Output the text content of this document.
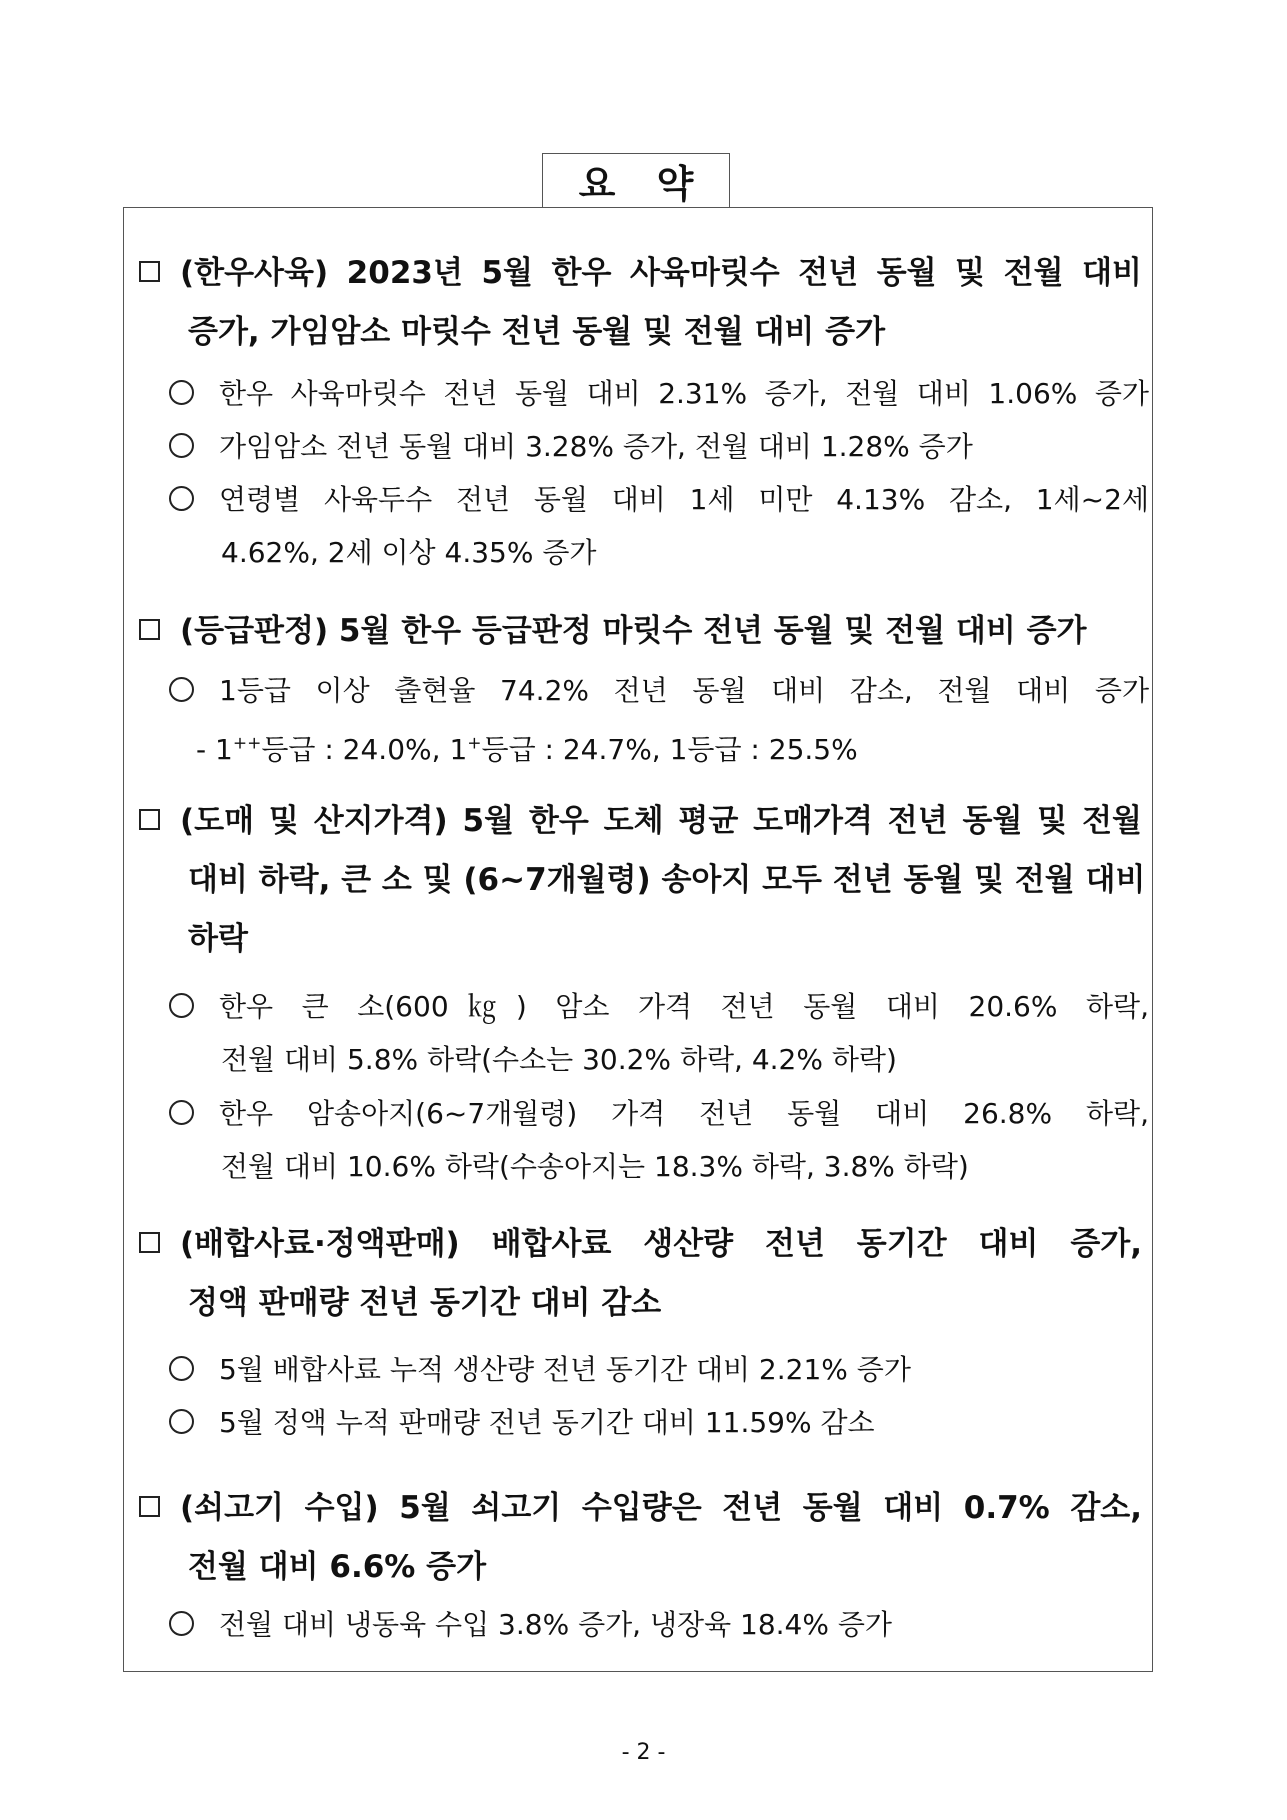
요 약
(한우사육) 2023년 5월 한우 사육마릿수 전년 동월 및 전월 대비
증가, 가임암소 마릿수 전년 동월 및 전월 대비 증가
한우 사육마릿수 전년 동월 대비 2.31% 증가, 전월 대비 1.06% 증가
가임암소 전년 동월 대비 3.28% 증가, 전월 대비 1.28% 증가
연령별 사육두수 전년 동월 대비 1세 미만 4.13% 감소, 1세~2세
4.62%, 2세 이상 4.35% 증가
(등급판정) 5월 한우 등급판정 마릿수 전년 동월 및 전월 대비 증가
1등급 이상 출현율 74.2% 전년 동월 대비 감소, 전월 대비 증가
- 1++등급 : 24.0%, 1+등급 : 24.7%, 1등급 : 25.5%
(도매 및 산지가격) 5월 한우 도체 평균 도매가격 전년 동월 및 전월
대비 하락, 큰 소 및 (6~7개월령) 송아지 모두 전년 동월 및 전월 대비
하락
한우 큰 소(600㎏) 암소 가격 전년 동월 대비 20.6% 하락,
전월 대비 5.8% 하락(수소는 30.2% 하락, 4.2% 하락)
한우 암송아지(6~7개월령) 가격 전년 동월 대비 26.8% 하락,
전월 대비 10.6% 하락(수송아지는 18.3% 하락, 3.8% 하락)
(배합사료·정액판매) 배합사료 생산량 전년 동기간 대비 증가,
정액 판매량 전년 동기간 대비 감소
5월 배합사료 누적 생산량 전년 동기간 대비 2.21% 증가
5월 정액 누적 판매량 전년 동기간 대비 11.59% 감소
(쇠고기 수입) 5월 쇠고기 수입량은 전년 동월 대비 0.7% 감소,
전월 대비 6.6% 증가
전월 대비 냉동육 수입 3.8% 증가, 냉장육 18.4% 증가
- 2 -
